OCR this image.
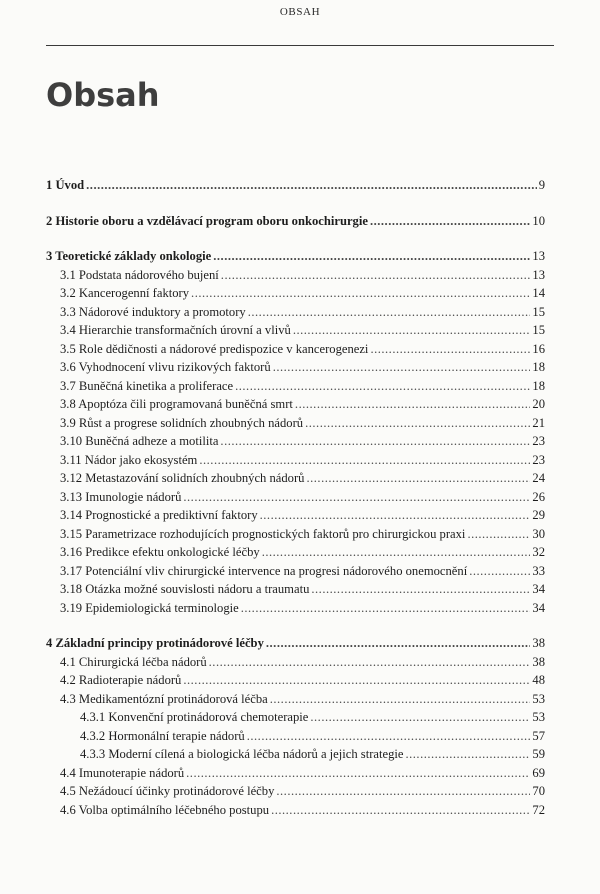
OBSAH
Obsah
1 Úvod .....	9
2 Historie oboru a vzdělávací program oboru onkochirurgie .....	10
3 Teoretické základy onkologie .....	13
3.1 Podstata nádorového bujení .....	13
3.2 Kancerogenní faktory .....	14
3.3 Nádorové induktory a promotory .....	15
3.4 Hierarchie transformačních úrovní a vlivů .....	15
3.5 Role dědičnosti a nádorové predispozice v kancerogenezi .....	16
3.6 Vyhodnocení vlivu rizikových faktorů .....	18
3.7 Buněčná kinetika a proliferace .....	18
3.8 Apoptóza čili programovaná buněčná smrt .....	20
3.9 Růst a progrese solidních zhoubných nádorů .....	21
3.10 Buněčná adheze a motilita .....	23
3.11 Nádor jako ekosystém .....	23
3.12 Metastazování solidních zhoubných nádorů .....	24
3.13 Imunologie nádorů .....	26
3.14 Prognostické a prediktivní faktory .....	29
3.15 Parametrizace rozhodujících prognostických faktorů pro chirurgickou praxi .....	30
3.16 Predikce efektu onkologické léčby .....	32
3.17 Potenciální vliv chirurgické intervence na progresi nádorového onemocnění .....	33
3.18 Otázka možné souvislosti nádoru a traumatu .....	34
3.19 Epidemiologická terminologie .....	34
4 Základní principy protinádorové léčby .....	38
4.1 Chirurgická léčba nádorů .....	38
4.2 Radioterapie nádorů .....	48
4.3 Medikamentózní protinádorová léčba .....	53
4.3.1 Konvenční protinádorová chemoterapie .....	53
4.3.2 Hormonální terapie nádorů .....	57
4.3.3 Moderní cílená a biologická léčba nádorů a jejich strategie .....	59
4.4 Imunoterapie nádorů .....	69
4.5 Nežádoucí účinky protinádorové léčby .....	70
4.6 Volba optimálního léčebného postupu .....	72
